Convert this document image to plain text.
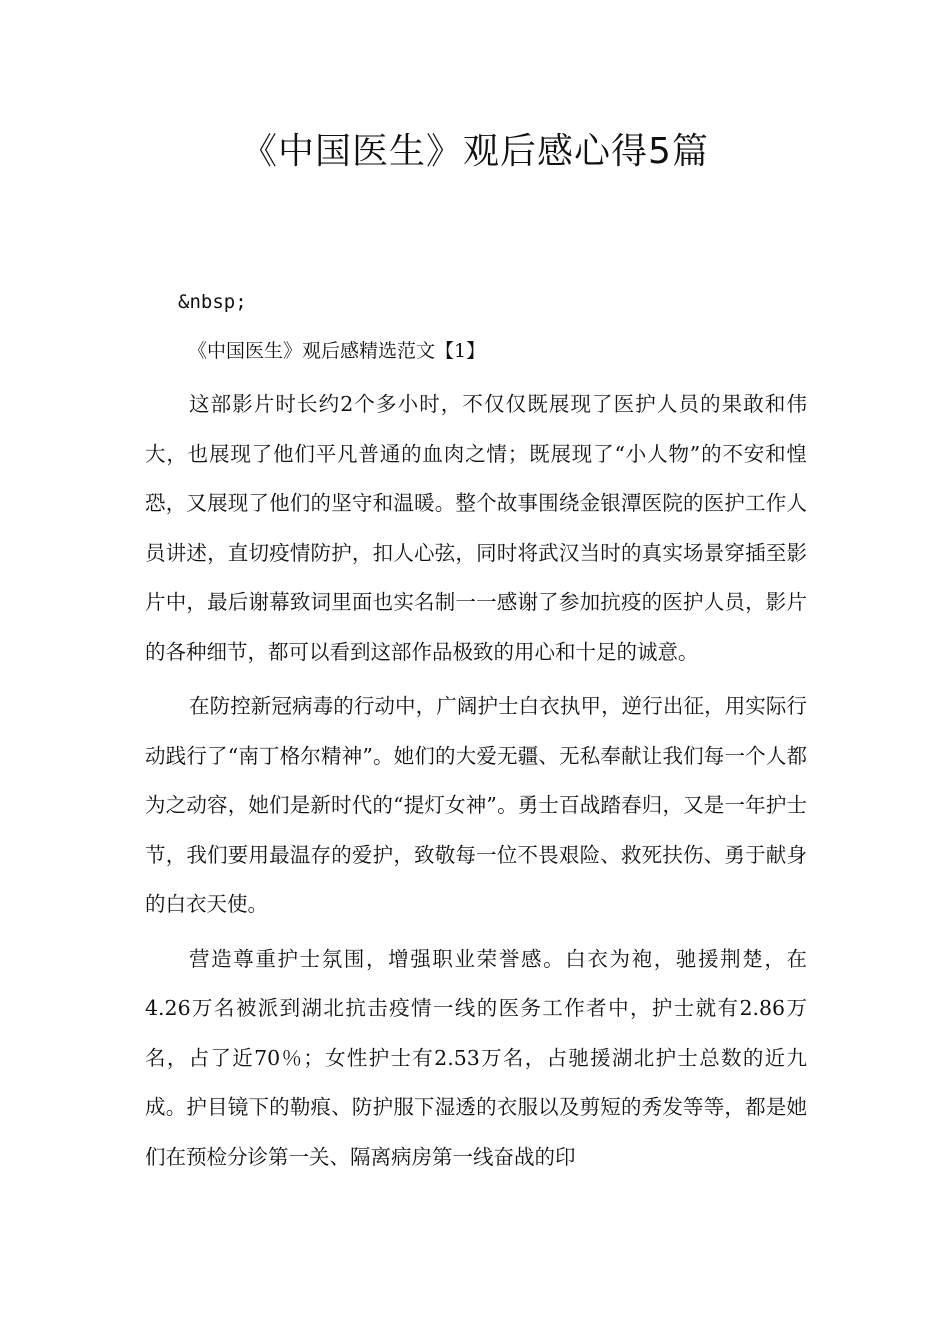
《中国医生》观后感心得5篇
&nbsp;
《中国医生》观后感精选范文【1】

这部影片时长约2个多小时，不仅仅既展现了医护人员的果敢和伟大，也展现了他们平凡普通的血肉之情；既展现了“小人物”的不安和惶恐，又展现了他们的坚守和温暖。整个故事围绕金银潭医院的医护工作人员讲述，直切疫情防护，扣人心弦，同时将武汉当时的真实场景穿插至影片中，最后谢幕致词里面也实名制一一感谢了参加抗疫的医护人员，影片的各种细节，都可以看到这部作品极致的用心和十足的诚意。

在防控新冠病毒的行动中，广阔护士白衣执甲，逆行出征，用实际行动践行了“南丁格尔精神”。她们的大爱无疆、无私奉献让我们每一个人都为之动容，她们是新时代的“提灯女神”。勇士百战踏春归，又是一年护士节，我们要用最温存的爱护，致敬每一位不畏艰险、救死扶伤、勇于献身的白衣天使。

营造尊重护士氛围，增强职业荣誉感。白衣为袍，驰援荆楚，在4.26万名被派到湖北抗击疫情一线的医务工作者中，护士就有2.86万名，占了近70％；女性护士有2.53万名，占驰援湖北护士总数的近九成。护目镜下的勒痕、防护服下湿透的衣服以及剪短的秀发等等，都是她们在预检分诊第一关、隔离病房第一线奋战的印
